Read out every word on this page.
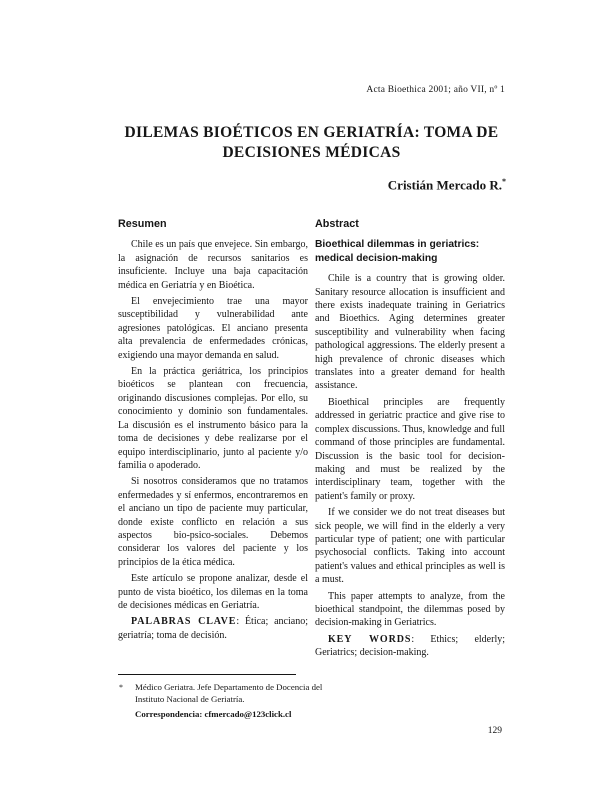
Acta Bioethica 2001; año VII, nº 1
DILEMAS BIOÉTICOS EN GERIATRÍA: TOMA DE
DECISIONES MÉDICAS
Cristián Mercado R.*
Resumen

Chile es un país que envejece. Sin embargo, la asignación de recursos sanitarios es insuficiente. Incluye una baja capacitación médica en Geriatría y en Bioética.

El envejecimiento trae una mayor susceptibilidad y vulnerabilidad ante agresiones patológicas. El anciano presenta alta prevalencia de enfermedades crónicas, exigiendo una mayor demanda en salud.

En la práctica geriátrica, los principios bioéticos se plantean con frecuencia, originando discusiones complejas. Por ello, su conocimiento y dominio son fundamentales. La discusión es el instrumento básico para la toma de decisiones y debe realizarse por el equipo interdisciplinario, junto al paciente y/o familia o apoderado.

Si nosotros consideramos que no tratamos enfermedades y sí enfermos, encontraremos en el anciano un tipo de paciente muy particular, donde existe conflicto en relación a sus aspectos bio-psico-sociales. Debemos considerar los valores del paciente y los principios de la ética médica.

Este artículo se propone analizar, desde el punto de vista bioético, los dilemas en la toma de decisiones médicas en Geriatría.

PALABRAS CLAVE: Ética; anciano; geriatría; toma de decisión.

Abstract
Bioethical dilemmas in geriatrics:
medical decision-making

Chile is a country that is growing older. Sanitary resource allocation is insufficient and there exists inadequate training in Geriatrics and Bioethics. Aging determines greater susceptibility and vulnerability when facing pathological aggressions. The elderly present a high prevalence of chronic diseases which translates into a greater demand for health assistance.

Bioethical principles are frequently addressed in geriatric practice and give rise to complex discussions. Thus, knowledge and full command of those principles are fundamental. Discussion is the basic tool for decision-making and must be realized by the interdisciplinary team, together with the patient's family or proxy.

If we consider we do not treat diseases but sick people, we will find in the elderly a very particular type of patient; one with particular psychosocial conflicts. Taking into account patient's values and ethical principles as well is a must.

This paper attempts to analyze, from the bioethical standpoint, the dilemmas posed by decision-making in Geriatrics.

KEY WORDS: Ethics; elderly; Geriatrics; decision-making.

*	Médico Geriatra. Jefe Departamento de Docencia del Instituto Nacional de Geriatría.
Correspondencia: cfmercado@123click.cl
129
